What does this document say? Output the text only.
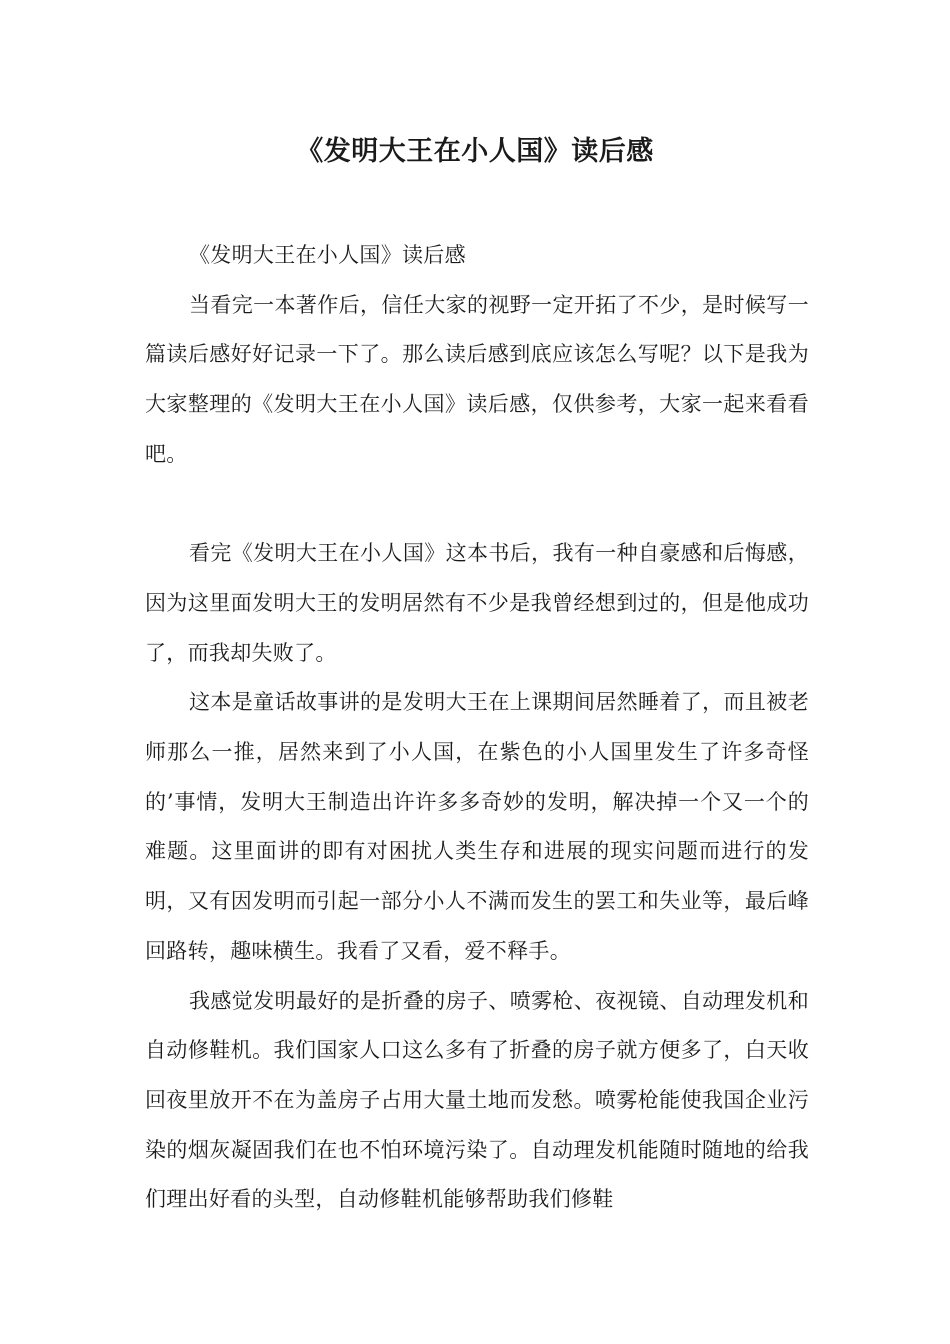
《发明大王在小人国》读后感

《发明大王在小人国》读后感

当看完一本著作后，信任大家的视野一定开拓了不少，是时候写一篇读后感好好记录一下了。那么读后感到底应该怎么写呢？以下是我为大家整理的《发明大王在小人国》读后感，仅供参考，大家一起来看看吧。

看完《发明大王在小人国》这本书后，我有一种自豪感和后悔感，因为这里面发明大王的发明居然有不少是我曾经想到过的，但是他成功了，而我却失败了。

这本是童话故事讲的是发明大王在上课期间居然睡着了，而且被老师那么一推，居然来到了小人国，在紫色的小人国里发生了许多奇怪的’事情，发明大王制造出许许多多奇妙的发明，解决掉一个又一个的难题。这里面讲的即有对困扰人类生存和进展的现实问题而进行的发明，又有因发明而引起一部分小人不满而发生的罢工和失业等，最后峰回路转，趣味横生。我看了又看，爱不释手。

我感觉发明最好的是折叠的房子、喷雾枪、夜视镜、自动理发机和自动修鞋机。我们国家人口这么多有了折叠的房子就方便多了，白天收回夜里放开不在为盖房子占用大量土地而发愁。喷雾枪能使我国企业污染的烟灰凝固我们在也不怕环境污染了。自动理发机能随时随地的给我们理出好看的头型，自动修鞋机能够帮助我们修鞋
